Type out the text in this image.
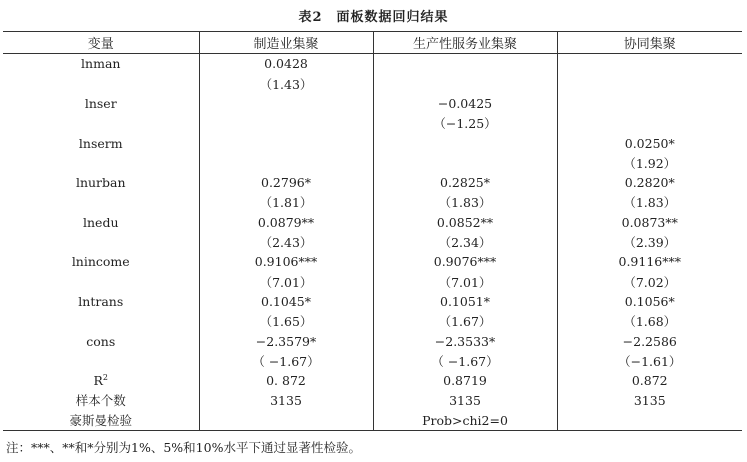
表2　面板数据回归结果
变量	制造业集聚	生产性服务业集聚	协同集聚
lnman	0.0428		
	（1.43）		
lnser		−0.0425	
		（−1.25）	
lnserm			0.0250*
			（1.92）
lnurban	0.2796*	0.2825*	0.2820*
	（1.81）	（1.83）	（1.83）
lnedu	0.0879**	0.0852**	0.0873**
	（2.43）	（2.34）	（2.39）
lnincome	0.9106***	0.9076***	0.9116***
	（7.01）	（7.01）	（7.02）
lntrans	0.1045*	0.1051*	0.1056*
	（1.65）	（1.67）	（1.68）
cons	−2.3579*	−2.3533*	−2.2586
	（ −1.67）	（ −1.67）	（−1.61）
$R^2$	0. 872	0.8719	0.872
样本个数	3135	3135	3135
豪斯曼检验		Prob>chi2=0	
注：***、**和*分别为1%、5%和10%水平下通过显著性检验。
